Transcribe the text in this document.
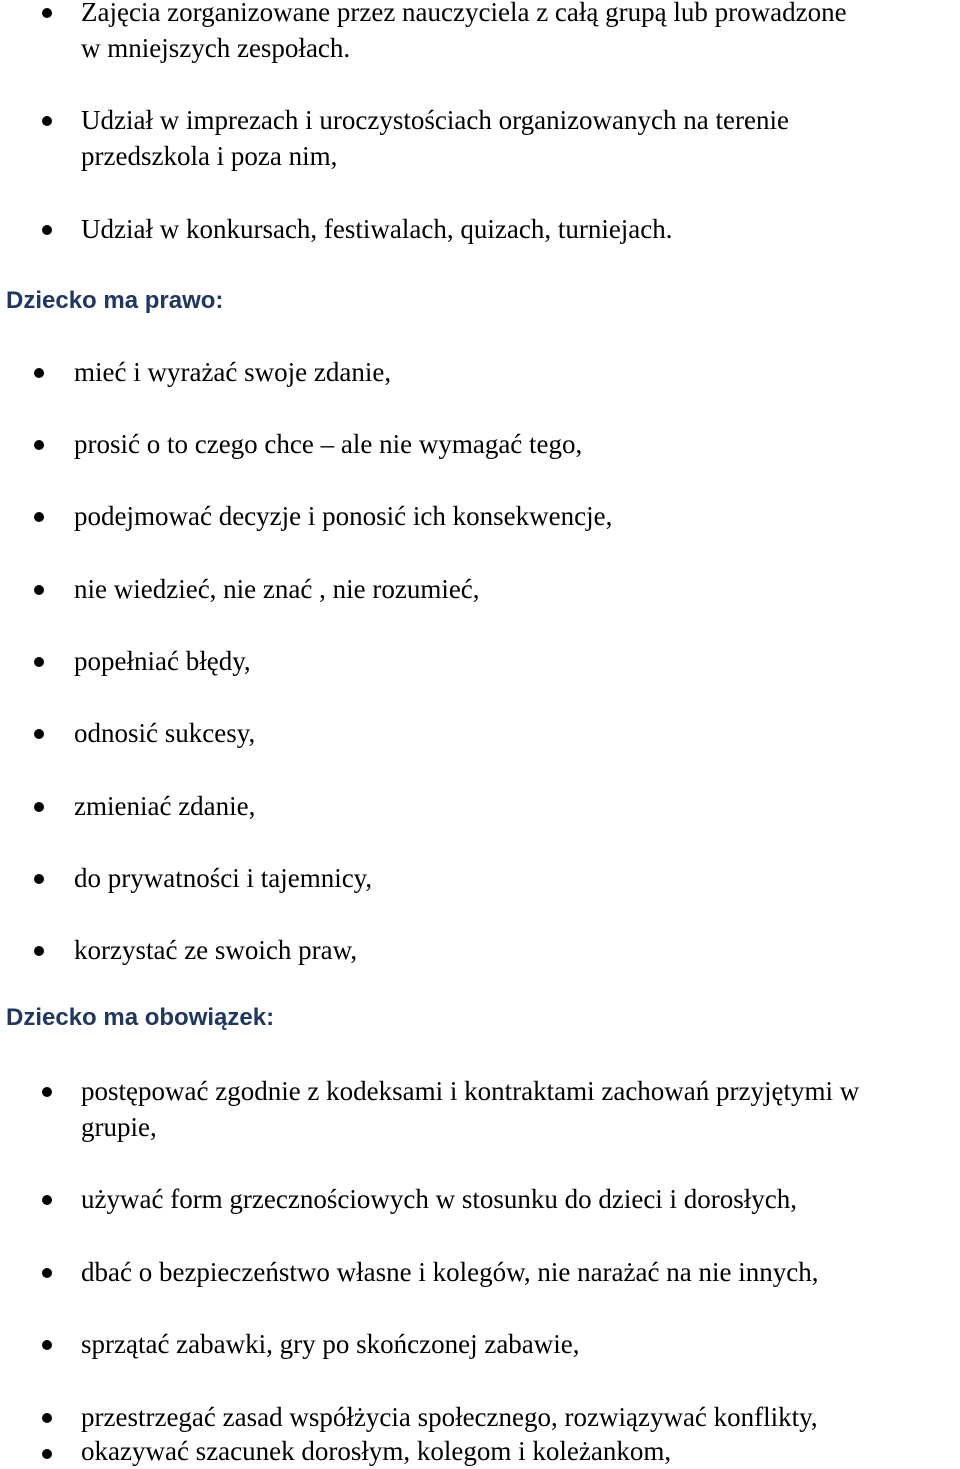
Zajęcia zorganizowane przez nauczyciela z całą grupą lub prowadzone
w mniejszych zespołach.
Udział w imprezach i uroczystościach organizowanych na terenie
przedszkola i poza nim,
Udział w konkursach, festiwalach, quizach, turniejach.
Dziecko ma prawo:
mieć i wyrażać swoje zdanie,
prosić o to czego chce – ale nie wymagać tego,
podejmować decyzje i ponosić ich konsekwencje,
nie wiedzieć, nie znać , nie rozumieć,
popełniać błędy,
odnosić sukcesy,
zmieniać zdanie,
do prywatności i tajemnicy,
korzystać ze swoich praw,
Dziecko ma obowiązek:
postępować zgodnie z kodeksami i kontraktami zachowań przyjętymi w
grupie,
używać form grzecznościowych w stosunku do dzieci i dorosłych,
dbać o bezpieczeństwo własne i kolegów, nie narażać na nie innych,
sprzątać zabawki, gry po skończonej zabawie,
przestrzegać zasad współżycia społecznego, rozwiązywać konflikty,
okazywać szacunek dorosłym, kolegom i koleżankom,
